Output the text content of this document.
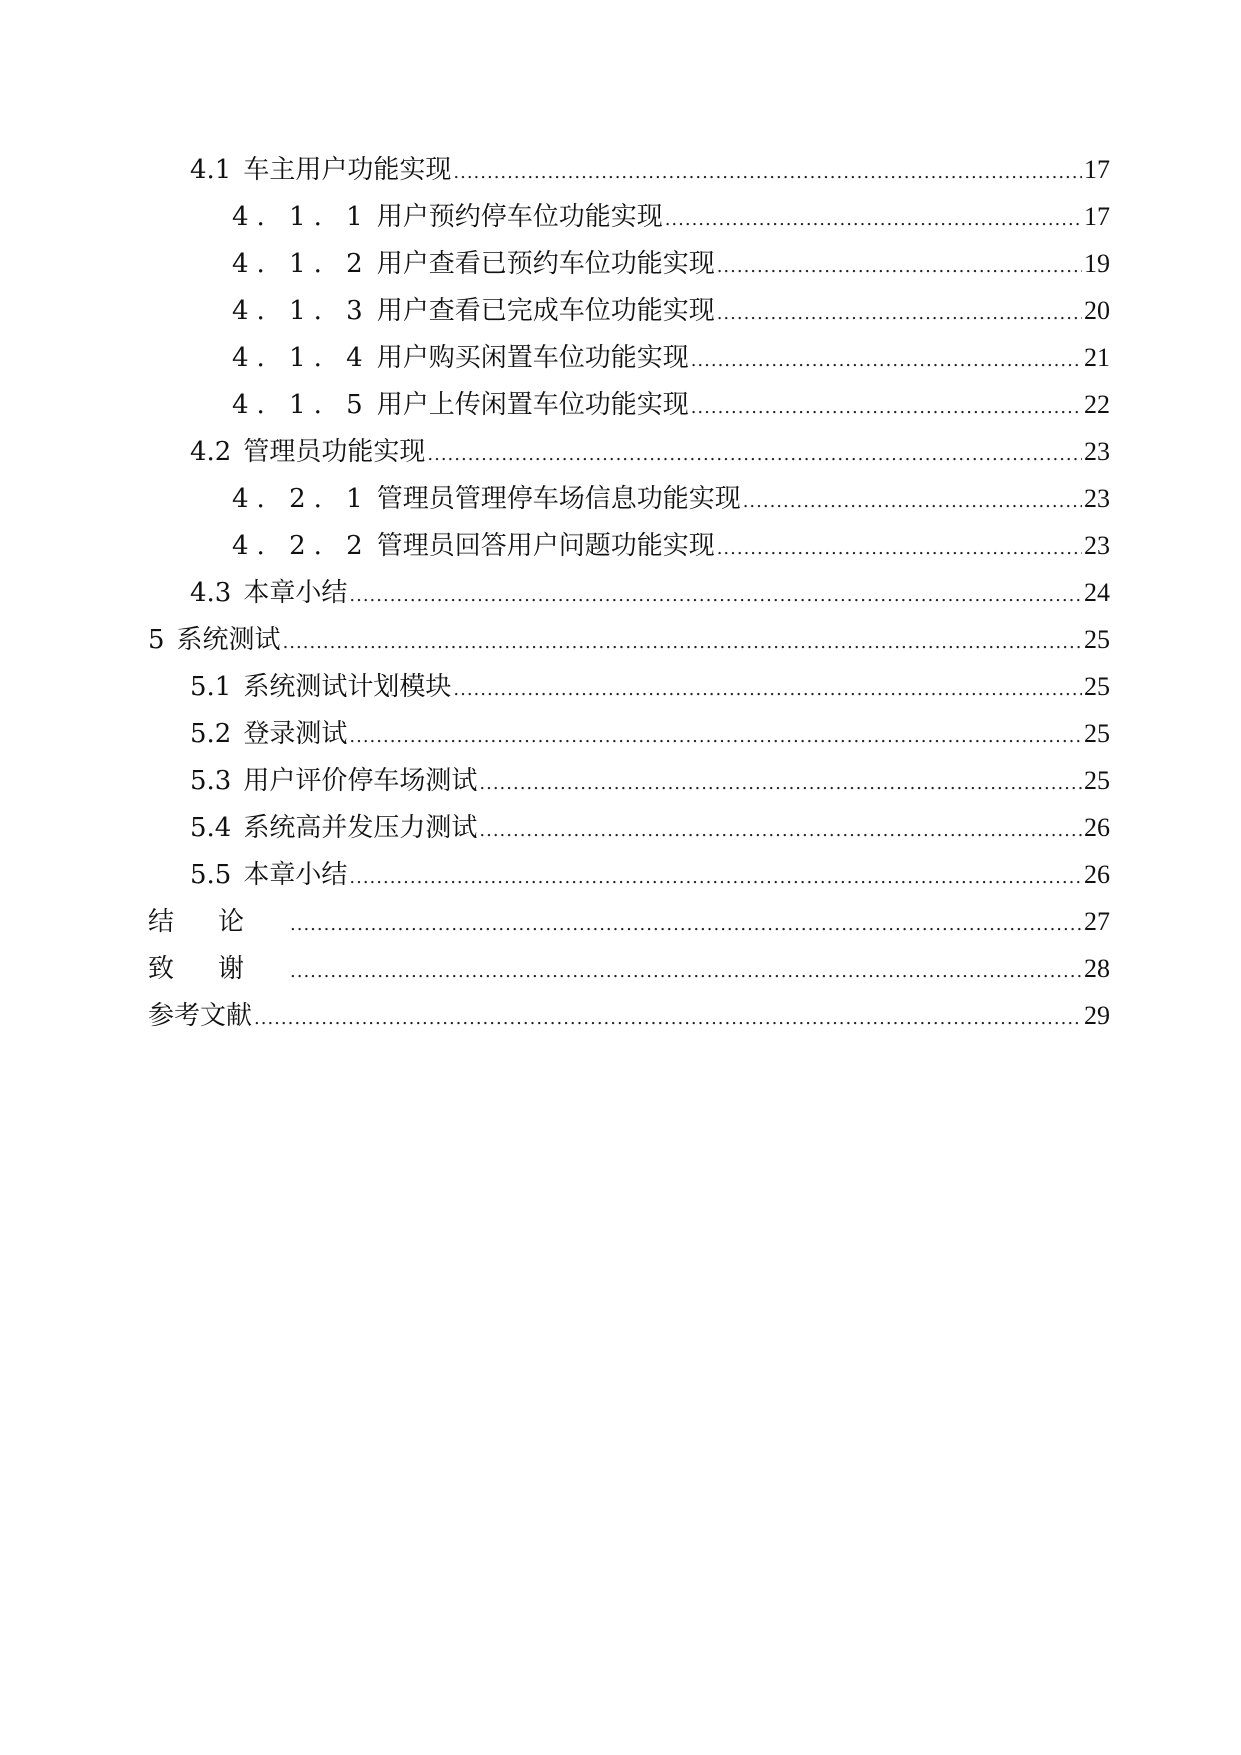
4.1 车主用户功能实现 .....	17
4. 1. 1 用户预约停车位功能实现 .....	17
4. 1. 2 用户查看已预约车位功能实现 .....	19
4. 1. 3 用户查看已完成车位功能实现 .....	20
4. 1. 4 用户购买闲置车位功能实现 .....	21
4. 1. 5 用户上传闲置车位功能实现 .....	22
4.2 管理员功能实现 .....	23
4. 2. 1 管理员管理停车场信息功能实现 .....	23
4. 2. 2 管理员回答用户问题功能实现 .....	23
4.3 本章小结 .....	24
5 系统测试 .....	25
5.1 系统测试计划模块 .....	25
5.2 登录测试 .....	25
5.3 用户评价停车场测试 .....	25
5.4 系统高并发压力测试 .....	26
5.5 本章小结 .....	26
结论 .....	27
致谢 .....	28
参考文献 .....	29
